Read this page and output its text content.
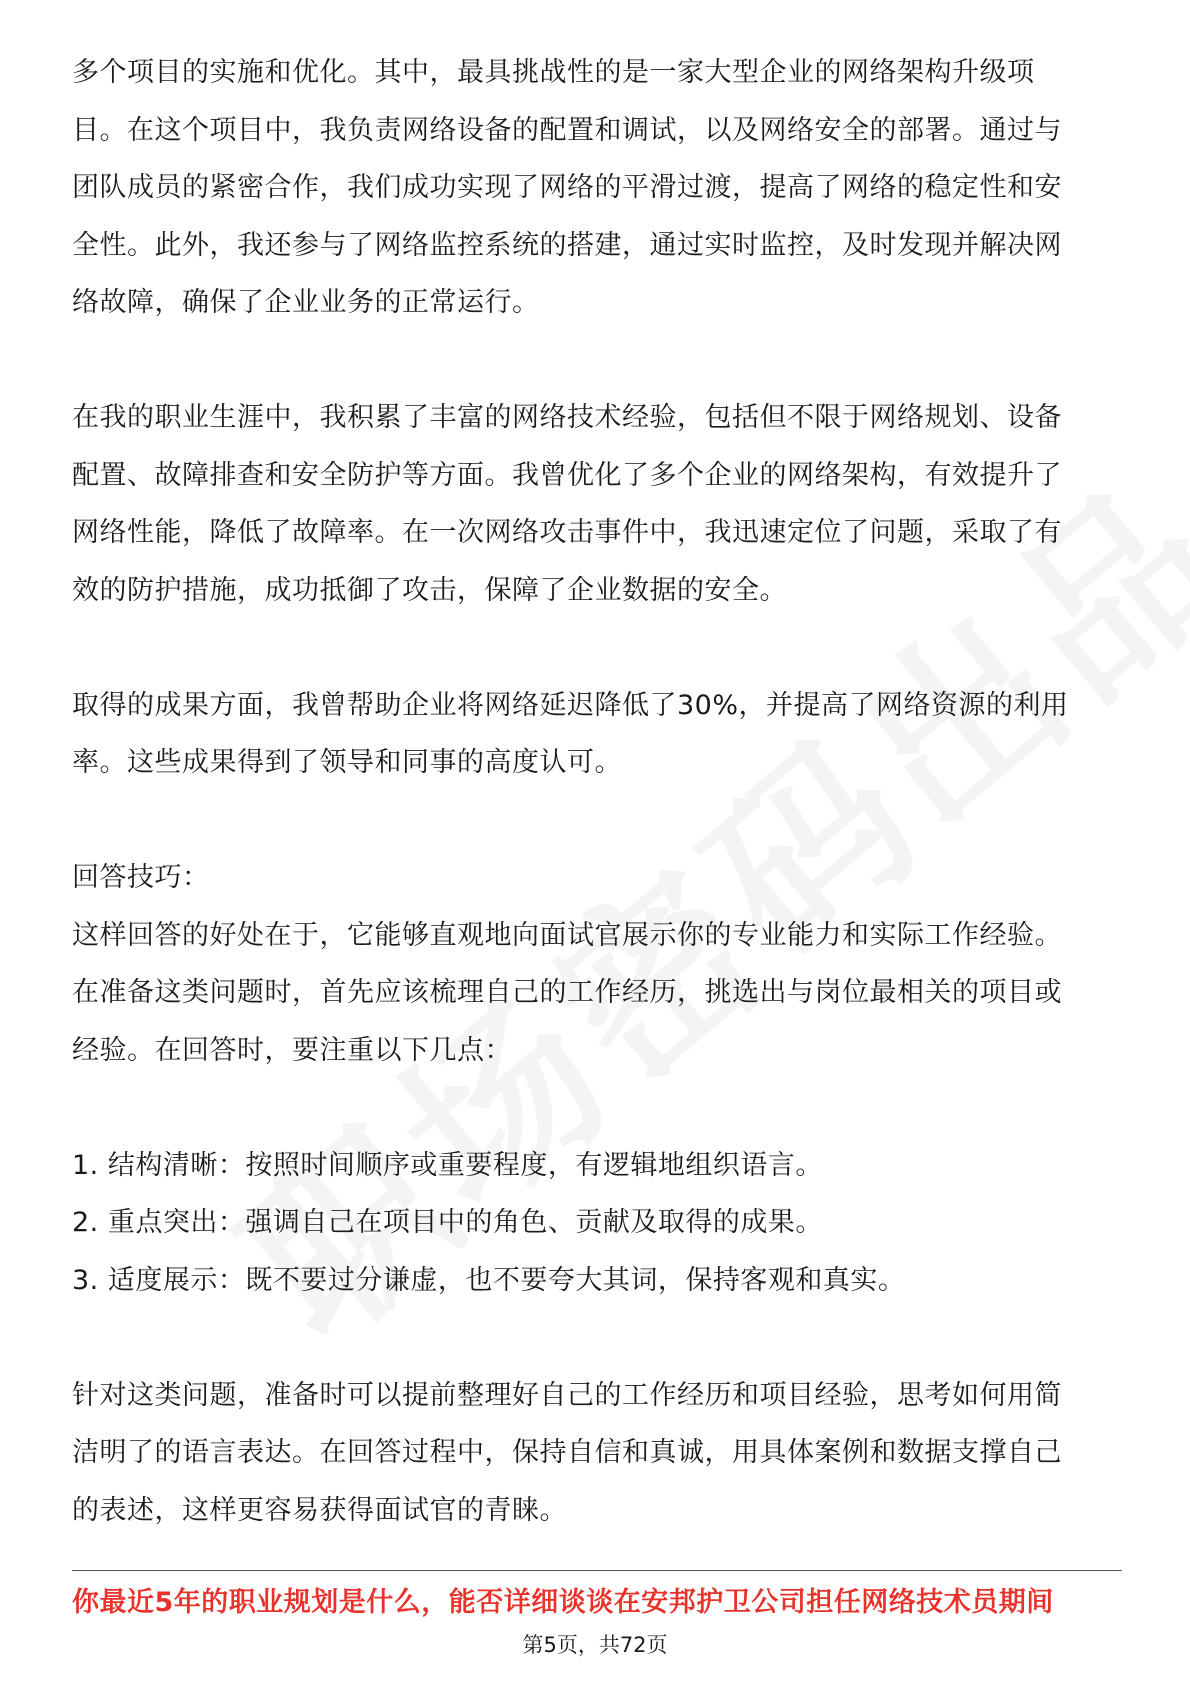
多个项目的实施和优化。其中，最具挑战性的是一家大型企业的网络架构升级项

目。在这个项目中，我负责网络设备的配置和调试，以及网络安全的部署。通过与

团队成员的紧密合作，我们成功实现了网络的平滑过渡，提高了网络的稳定性和安

全性。此外，我还参与了网络监控系统的搭建，通过实时监控，及时发现并解决网

络故障，确保了企业业务的正常运行。

在我的职业生涯中，我积累了丰富的网络技术经验，包括但不限于网络规划、设备

配置、故障排查和安全防护等方面。我曾优化了多个企业的网络架构，有效提升了

网络性能，降低了故障率。在一次网络攻击事件中，我迅速定位了问题，采取了有

效的防护措施，成功抵御了攻击，保障了企业数据的安全。

取得的成果方面，我曾帮助企业将网络延迟降低了30%，并提高了网络资源的利用

率。这些成果得到了领导和同事的高度认可。

回答技巧：

这样回答的好处在于，它能够直观地向面试官展示你的专业能力和实际工作经验。

在准备这类问题时，首先应该梳理自己的工作经历，挑选出与岗位最相关的项目或

经验。在回答时，要注重以下几点：

1. 结构清晰：按照时间顺序或重要程度，有逻辑地组织语言。

2. 重点突出：强调自己在项目中的角色、贡献及取得的成果。

3. 适度展示：既不要过分谦虚，也不要夸大其词，保持客观和真实。

针对这类问题，准备时可以提前整理好自己的工作经历和项目经验，思考如何用简

洁明了的语言表达。在回答过程中，保持自信和真诚，用具体案例和数据支撑自己

的表述，这样更容易获得面试官的青睐。

你最近5年的职业规划是什么，能否详细谈谈在安邦护卫公司担任网络技术员期间
第5页，共72页
